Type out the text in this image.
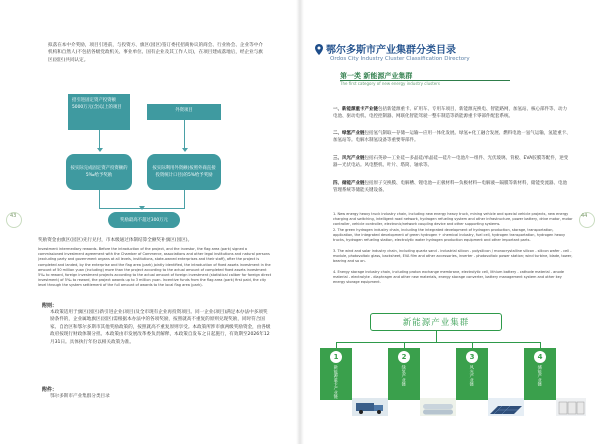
43
拟落在本中介奖励，项目引进前，与投资方、旗区(园区)签订委托招商协议的商会、行业协会、企业等中介机构和自然人(不包括各级党政机关、事业单位、国有企业及其工作人员)，在项目建成落地后，经企业与旗区(园区)共同认定。
招引进固定资产投资额5000万元(含)以上的项目
外资项目
按实际完成固定资产投资额的5‰给予奖励
按实际利用外资额(按照外商直接投资统计口径)的5%给予奖励
奖励最高不超过300万元
奖励资金由旗区(园区)先行兑付，市本级通过体制结算全额奖补旗区(园区)。
Investment intermediary rewards. Before the introduction of the project, and the investor, the flag area (park) signed a commissioned investment agreement with the Chamber of Commerce, associations and other legal institutions and natural persons (excluding party and government organs at all levels, institutions, state-owned enterprises and their staff), after the project is completed and landed, by the enterprise and the flag area (park) jointly identified, the introduction of fixed assets investment in the amount of 50 million yuan (including) more than the project according to the actual amount of completed fixed assets investment 5‰ to reward, foreign investment projects according to the actual amount of foreign investment (statistical caliber for foreign direct investment) of 5‰ to reward, the project awards up to 3 million yuan. Incentive funds from the flag area (park) first paid, the city level through the system settlement of the full amount of awards to the local flag area (park).
附则：
本政策适用于旗区(园区)新引进企业(项目)及全市现有企业再投资项目。同一企业(项目)满足本办法中多项奖励条件的，企业属地旗区(园区)需根据本办法中的各项奖励，按照就高不重复的原则兑现奖励，同时符合国家、自治区和鄂尔多斯市其他奖励政策的，按照就高不重复原则享受。本政策所涉市旗两级奖励资金，由各级政府按现行财政体制分担。本政策由市发展改革委负责解释，本政策自发布之日起施行，有效期至2026年12月31日。具体执行年份以相关政策为准。
附件：
鄂尔多斯市产业集群分类目录
44
鄂尔多斯市产业集群分类目录
Ordos City Industry Cluster Classification Directory
第一类 新能源产业集群
The first category of new energy industry clusters
一、新能源重卡产业链包括新能源重卡、矿用车、专用车项目，新能源充换电、智能路网，加氢站、核心部件等、动力电池、驱动电机、电控控制器、网联化智能驾驶一整车制造等新能源重卡零部件配套系统。
二、绿氢产业链包括氢气制取—存储—运输—应用一体化发展。绿氢+化工融合发展、燃料电池一氢气运输，氢能重卡、加氢站等。电解水制氢设备等重要零部件。
三、风光产业链包括石英砂—工业硅—多晶硅/单晶硅—硅片—电池片—组件、光伏玻璃、背板、EVA胶膜等配件，逆变器—光伏电站。风电整机、叶片、塔筒、轴承等。
四、储能产业链包括原子交换膜、电解槽、锂电池—正极材料—负极材料—电解液—隔膜等新材料，储能变流器、电池管理系统等储能关键设备。
1. New energy heavy truck industry chain, including new energy heavy truck, mining vehicle and special vehicle projects, new energy charging and switching, intelligent road network, hydrogen refueling system and other infrastructure, power battery, drive motor, motor controller, vehicle controller, electronic/network coupling device and other supporting systems.
2. The green hydrogen industry chain, including the integrated development of hydrogen production, storage, transportation, application, the integrated development of green hydrogen + chemical industry, fuel cell, hydrogen transportation, hydrogen heavy trucks, hydrogen refueling station, electrolytic water hydrogen production equipment and other important parts.
3. The wind and solar industry chain, including quartz sand - industrial silicon - polysilicon / monocrystalline silicon - silicon wafer - cell - module, photovoltaic glass, backsheet, EVA film and other accessories, inverter - photovoltaic power station; wind turbine, blade, tower, bearing and so on.
4. Energy storage industry chain, including proton exchange membrane, electrolytic cell, lithium battery - cathode material - anode material - electrolyte - diaphragm and other new materials, energy storage converter, battery management system and other key energy storage equipment.
新能源产业集群
1
新能源重卡产业链
2
绿氢产业链
3
风光产业链
4
储能产业链
